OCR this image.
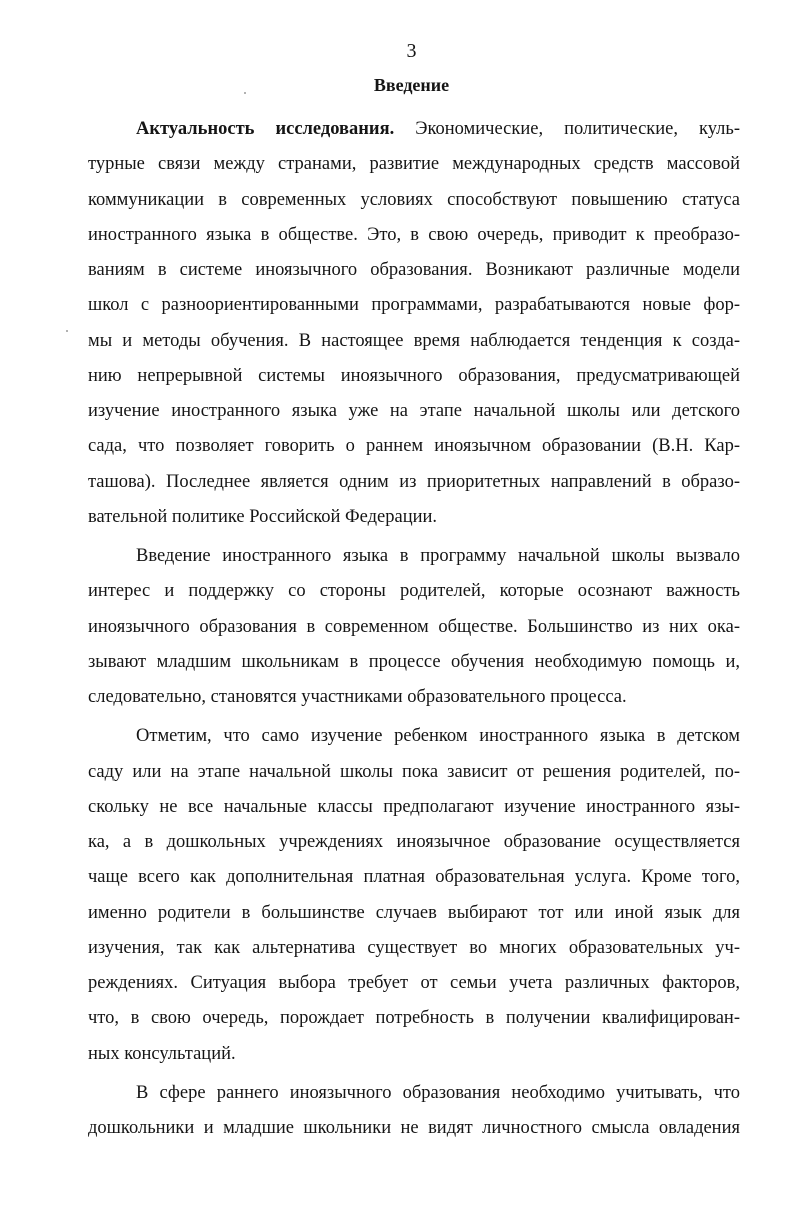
3
Введение
Актуальность исследования. Экономические, политические, куль-
турные связи между странами, развитие международных средств массовой
коммуникации в современных условиях способствуют повышению статуса
иностранного языка в обществе. Это, в свою очередь, приводит к преобразо-
ваниям в системе иноязычного образования. Возникают различные модели
школ с разноориентированными программами, разрабатываются новые фор-
мы и методы обучения. В настоящее время наблюдается тенденция к созда-
нию непрерывной системы иноязычного образования, предусматривающей
изучение иностранного языка уже на этапе начальной школы или детского
сада, что позволяет говорить о раннем иноязычном образовании (В.Н. Кар-
ташова). Последнее является одним из приоритетных направлений в образо-
вательной политике Российской Федерации.
Введение иностранного языка в программу начальной школы вызвало
интерес и поддержку со стороны родителей, которые осознают важность
иноязычного образования в современном обществе. Большинство из них ока-
зывают младшим школьникам в процессе обучения необходимую помощь и,
следовательно, становятся участниками образовательного процесса.
Отметим, что само изучение ребенком иностранного языка в детском
саду или на этапе начальной школы пока зависит от решения родителей, по-
скольку не все начальные классы предполагают изучение иностранного язы-
ка, а в дошкольных учреждениях иноязычное образование осуществляется
чаще всего как дополнительная платная образовательная услуга. Кроме того,
именно родители в большинстве случаев выбирают тот или иной язык для
изучения, так как альтернатива существует во многих образовательных уч-
реждениях. Ситуация выбора требует от семьи учета различных факторов,
что, в свою очередь, порождает потребность в получении квалифицирован-
ных консультаций.
В сфере раннего иноязычного образования необходимо учитывать, что
дошкольники и младшие школьники не видят личностного смысла овладения
